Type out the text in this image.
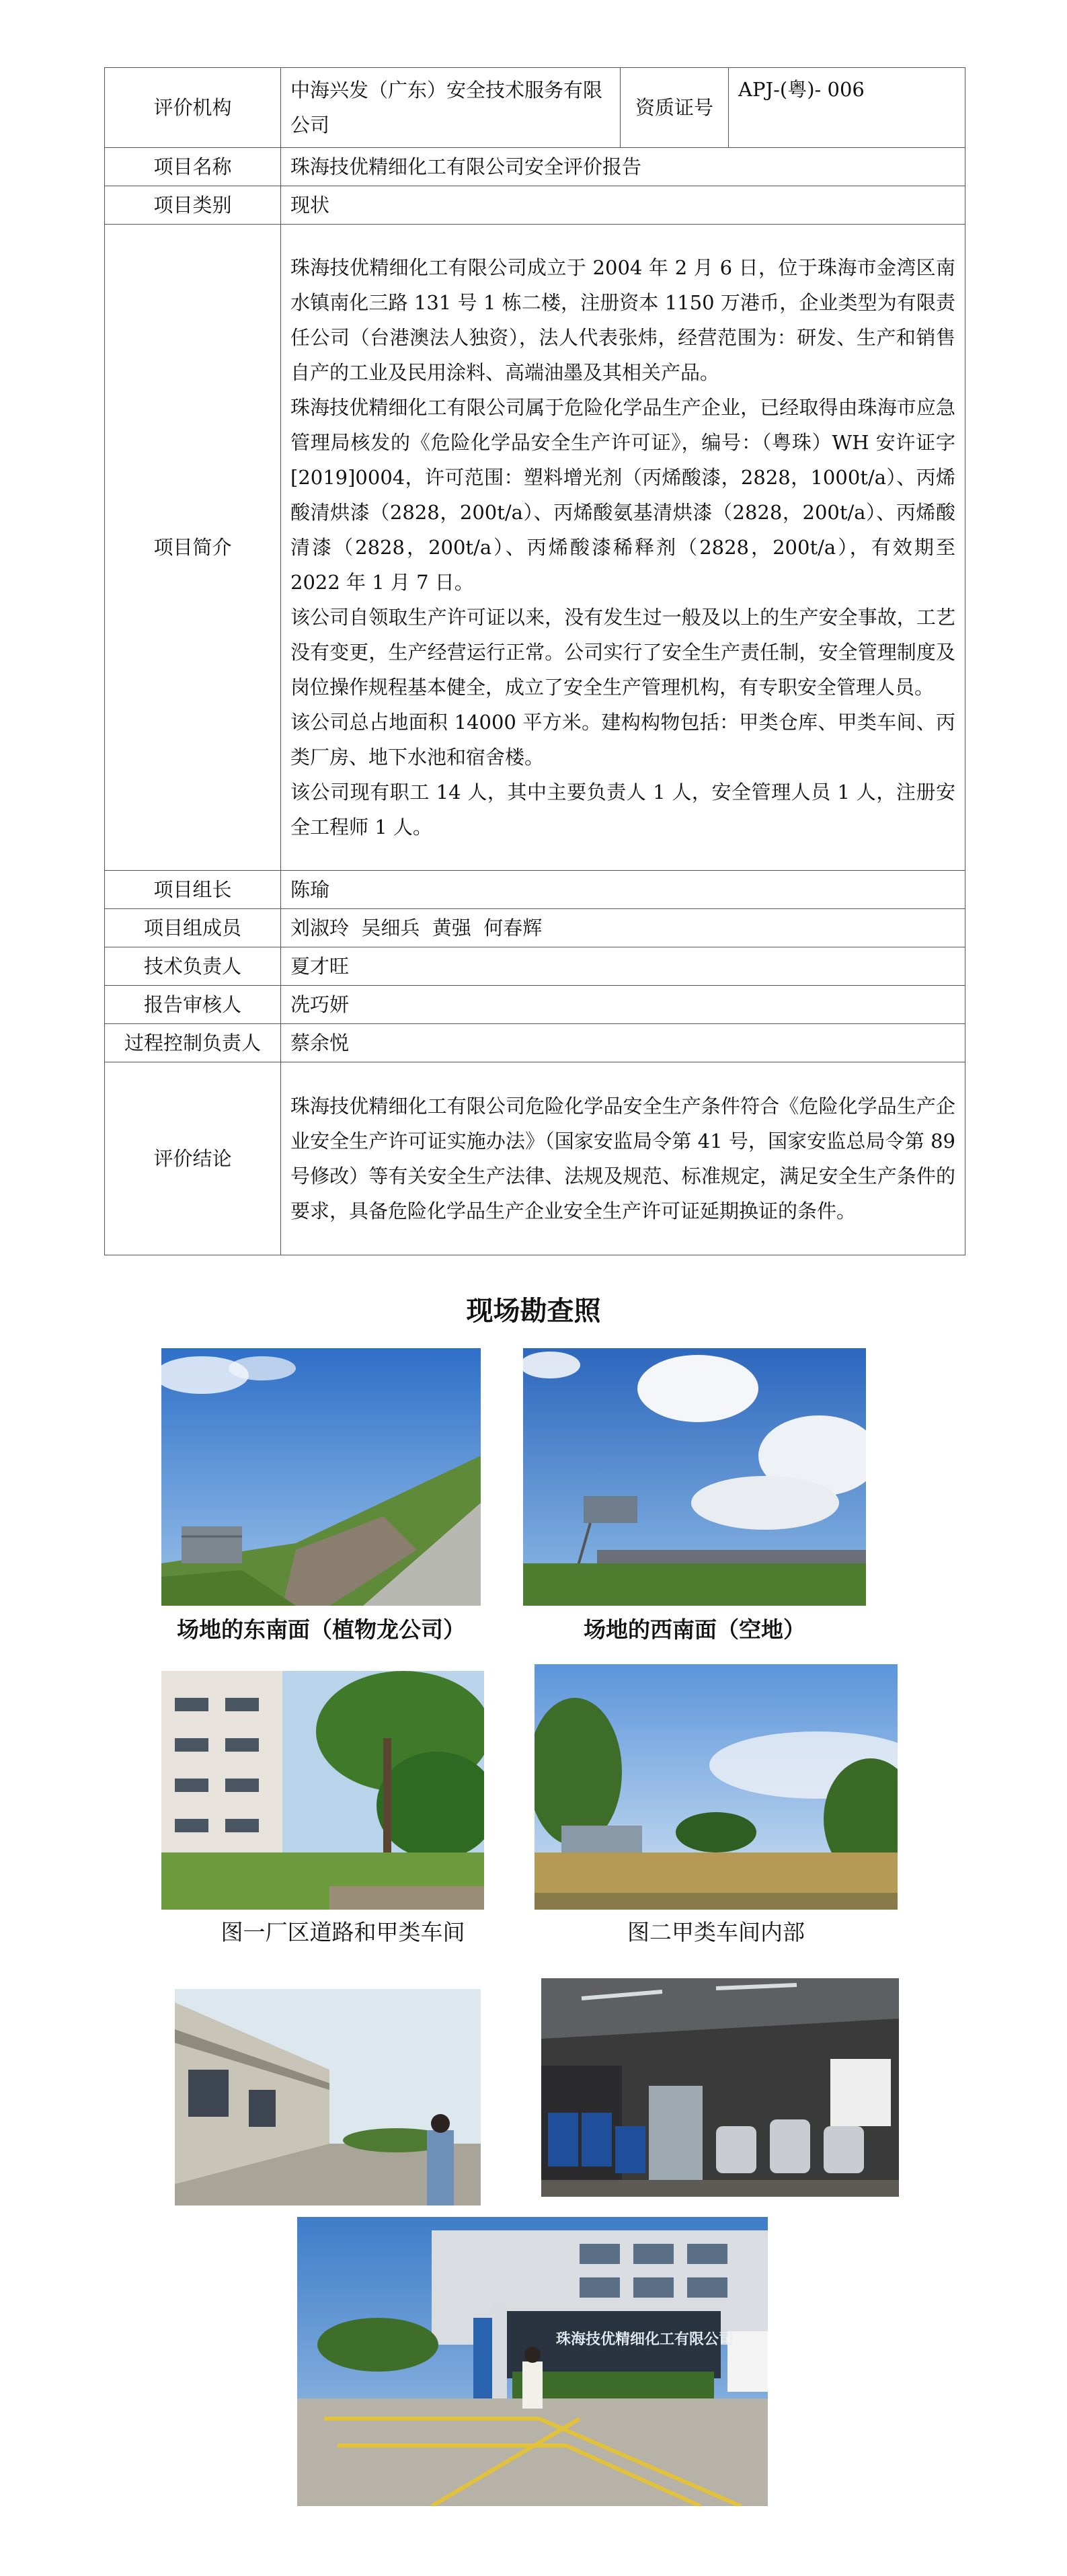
评价机构	中海兴发（广东）安全技术服务有限公司	资质证号	APJ-(粤)- 006
项目名称	珠海技优精细化工有限公司安全评价报告		
项目类别	现状		
项目简介	珠海技优精细化工有限公司成立于 2004 年 2 月 6 日，位于珠海市金湾区南水镇南化三路 131 号 1 栋二楼，注册资本 1150 万港币，企业类型为有限责任公司（台港澳法人独资），法人代表张炜，经营范围为：研发、生产和销售自产的工业及民用涂料、高端油墨及其相关产品。
珠海技优精细化工有限公司属于危险化学品生产企业，已经取得由珠海市应急管理局核发的《危险化学品安全生产许可证》，编号：（粤珠）WH 安许证字[2019]0004，许可范围：塑料增光剂（丙烯酸漆，2828，1000t/a）、丙烯酸清烘漆（2828，200t/a）、丙烯酸氨基清烘漆（2828，200t/a）、丙烯酸清漆（2828，200t/a）、丙烯酸漆稀释剂（2828，200t/a），有效期至 2022 年 1 月 7 日。
该公司自领取生产许可证以来，没有发生过一般及以上的生产安全事故，工艺没有变更，生产经营运行正常。公司实行了安全生产责任制，安全管理制度及岗位操作规程基本健全，成立了安全生产管理机构，有专职安全管理人员。
该公司总占地面积 14000 平方米。建构构物包括：甲类仓库、甲类车间、丙类厂房、地下水池和宿舍楼。
该公司现有职工 14 人，其中主要负责人 1 人，安全管理人员 1 人，注册安全工程师 1 人。		

项目组长	陈瑜		
项目组成员	刘淑玲  吴细兵  黄强  何春辉		
技术负责人	夏才旺		
报告审核人	冼巧妍		
过程控制负责人	蔡余悦		
评价结论	珠海技优精细化工有限公司危险化学品安全生产条件符合《危险化学品生产企业安全生产许可证实施办法》（国家安监局令第 41 号，国家安监总局令第 89 号修改）等有关安全生产法律、法规及规范、标准规定，满足安全生产条件的要求，具备危险化学品生产企业安全生产许可证延期换证的条件。		
现场勘查照
场地的东南面（植物龙公司）	场地的西南面（空地）
图一厂区道路和甲类车间	图二甲类车间内部
珠海技优精细化工有限公司
